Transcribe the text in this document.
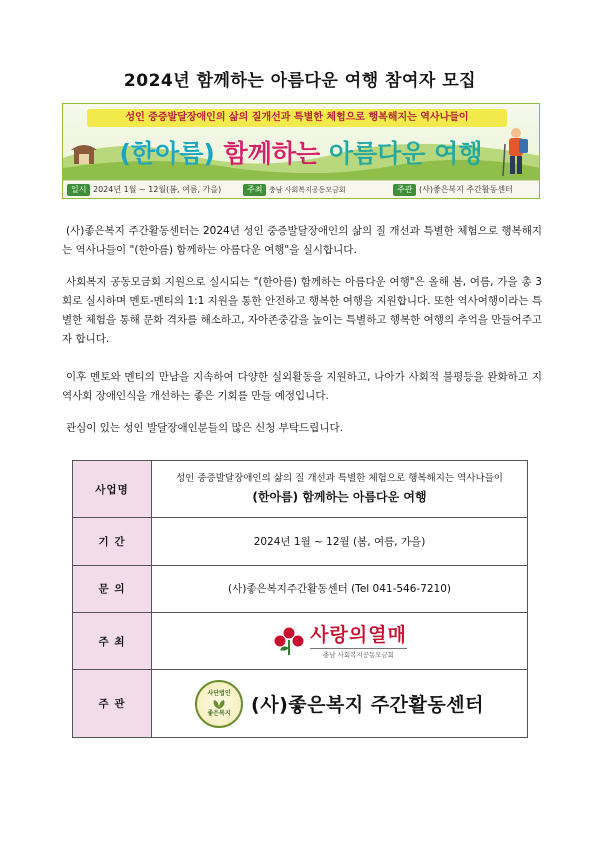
2024년 함께하는 아름다운 여행 참여자 모집
성인 중증발달장애인의 삶의 질개선과 특별한 체험으로 행복해지는 역사나들이
(한아름) 함께하는 아름다운 여행
일시 2024년 1월 ~ 12월(봄, 여름, 가을)	주최 충남 사회복지공동모금회	주관 (사)좋은복지 주간활동센터

(사)좋은복지 주간활동센터는 2024년 성인 중증발달장애인의 삶의 질 개선과 특별한 체험으로 행복해지는 역사나들이 "(한아름) 함께하는 아름다운 여행"을 실시합니다.

사회복지 공동모금회 지원으로 실시되는 "(한아름) 함께하는 아름다운 여행"은 올해 봄, 여름, 가을 총 3회로 실시하며 멘토-멘티의 1:1 지원을 통한 안전하고 행복한 여행을 지원합니다. 또한 역사여행이라는 특별한 체험을 통해 문화 격차를 해소하고, 자아존중감을 높이는 특별하고 행복한 여행의 추억을 만들어주고자 합니다.

이후 멘토와 멘티의 만남을 지속하여 다양한 실외활동을 지원하고, 나아가 사회적 불평등을 완화하고 지역사회 장애인식을 개선하는 좋은 기회를 만들 예정입니다.

관심이 있는 성인 발달장애인분들의 많은 신청 부탁드립니다.

사업명	성인 중증발달장애인의 삶의 질 개선과 특별한 체험으로 행복해지는 역사나들이
(한아름) 함께하는 아름다운 여행

기 간	2024년 1월 ~ 12월 (봄, 여름, 가을)
문 의	(사)좋은복지주간활동센터 (Tel 041-546-7210)
주 최	사랑의열매
충남 사회복지공동모금회

주 관	사단법인
좋은복지 (사)좋은복지 주간활동센터
